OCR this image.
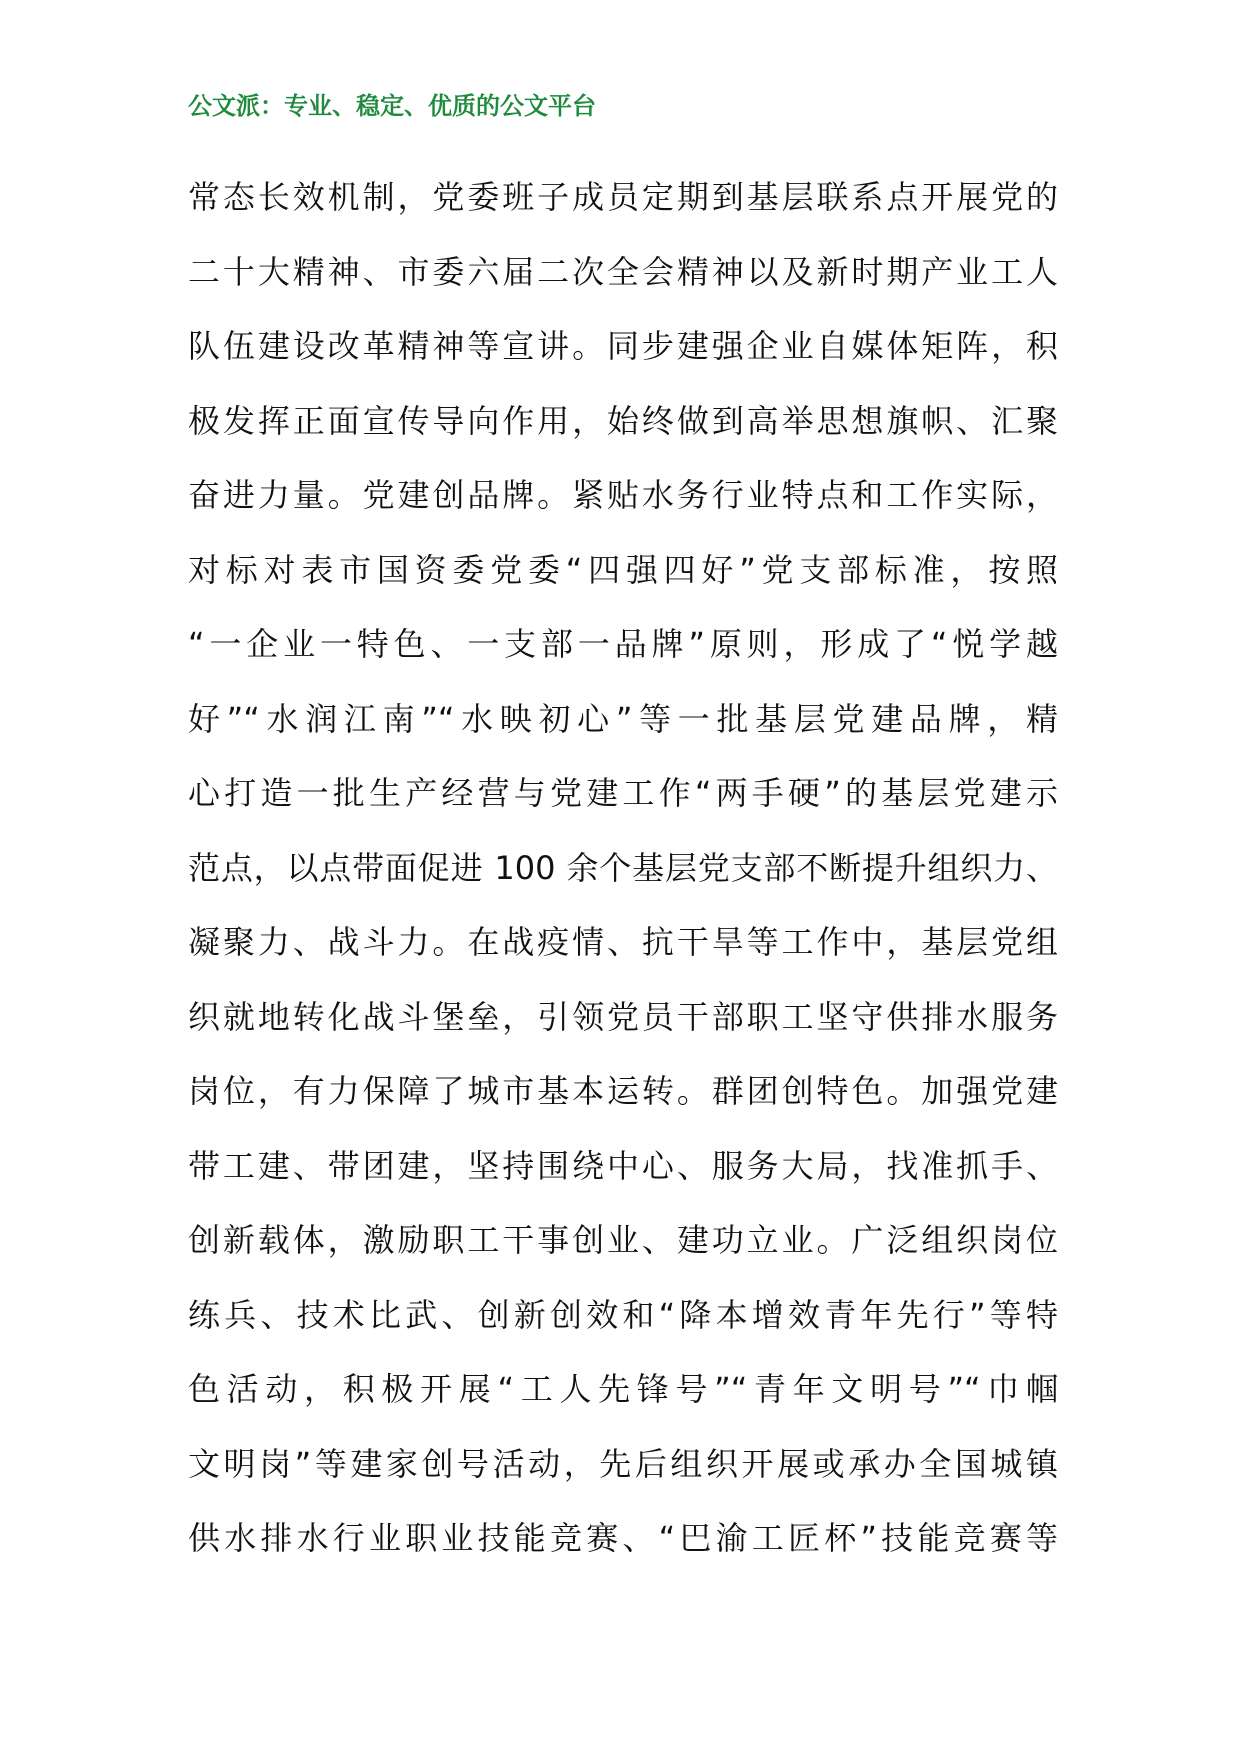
公文派：专业、稳定、优质的公文平台
常态长效机制，党委班子成员定期到基层联系点开展党的
二十大精神、市委六届二次全会精神以及新时期产业工人
队伍建设改革精神等宣讲。同步建强企业自媒体矩阵，积
极发挥正面宣传导向作用，始终做到高举思想旗帜、汇聚
奋进力量。党建创品牌。紧贴水务行业特点和工作实际，
对标对表市国资委党委“四强四好”党支部标准，按照
“一企业一特色、一支部一品牌”原则，形成了“悦学越
好”“水润江南”“水映初心”等一批基层党建品牌，精
心打造一批生产经营与党建工作“两手硬”的基层党建示
范点，以点带面促进 100 余个基层党支部不断提升组织力、
凝聚力、战斗力。在战疫情、抗干旱等工作中，基层党组
织就地转化战斗堡垒，引领党员干部职工坚守供排水服务
岗位，有力保障了城市基本运转。群团创特色。加强党建
带工建、带团建，坚持围绕中心、服务大局，找准抓手、
创新载体，激励职工干事创业、建功立业。广泛组织岗位
练兵、技术比武、创新创效和“降本增效青年先行”等特
色活动，积极开展“工人先锋号”“青年文明号”“巾帼
文明岗”等建家创号活动，先后组织开展或承办全国城镇
供水排水行业职业技能竞赛、“巴渝工匠杯”技能竞赛等
